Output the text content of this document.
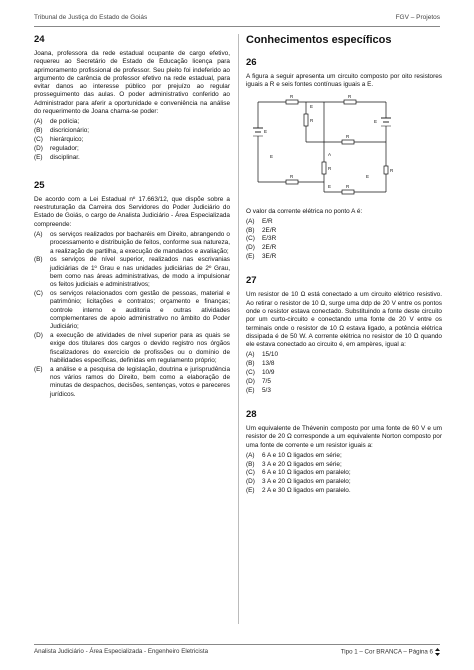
Tribunal de Justiça do Estado de Goiás	FGV – Projetos
24
Joana, professora da rede estadual ocupante de cargo efetivo, requereu ao Secretário de Estado de Educação licença para aprimoramento profissional de professor. Seu pleito foi indeferido ao argumento de carência de professor efetivo na rede estadual, para evitar danos ao interesse público por prejuízo ao regular prosseguimento das aulas. O poder administrativo conferido ao Administrador para aferir a oportunidade e conveniência na análise do requerimento de Joana chama-se poder:
(A) de polícia;
(B) discricionário;
(C) hierárquico;
(D) regulador;
(E) disciplinar.
25
De acordo com a Lei Estadual nº 17.663/12, que dispõe sobre a reestruturação da Carreira dos Servidores do Poder Judiciário do Estado de Goiás, o cargo de Analista Judiciário - Área Especializada compreende:
(A) os serviços realizados por bacharéis em Direito, abrangendo o processamento e distribuição de feitos, conforme sua natureza, a realização de partilha, a execução de mandados e avaliação;
(B) os serviços de nível superior, realizados nas escrivanias judiciárias de 1º Grau e nas unidades judiciárias de 2º Grau, bem como nas áreas administrativas, de modo a impulsionar os feitos judiciais e administrativos;
(C) os serviços relacionados com gestão de pessoas, material e patrimônio; licitações e contratos; orçamento e finanças; controle interno e auditoria e outras atividades complementares de apoio administrativo no âmbito do Poder Judiciário;
(D) a execução de atividades de nível superior para as quais se exige dos titulares dos cargos o devido registro nos órgãos fiscalizadores do exercício de profissões ou o domínio de habilidades específicas, definidas em regulamento próprio;
(E) a análise e a pesquisa de legislação, doutrina e jurisprudência nos vários ramos do Direito, bem como a elaboração de minutas de despachos, decisões, sentenças, votos e pareceres jurídicos.
Conhecimentos específicos
26
A figura a seguir apresenta um circuito composto por oito resistores iguais a R e seis fontes contínuas iguais a E.
R	R
R
R
R
R
R
R
E
E
E
E
E
E	A
O valor da corrente elétrica no ponto A é:
(A) E/R
(B) 2E/R
(C) E/3R
(D) 2E/R
(E) 3E/R
27
Um resistor de 10 Ω está conectado a um circuito elétrico resistivo. Ao retirar o resistor de 10 Ω, surge uma ddp de 20 V entre os pontos onde o resistor estava conectado. Substituindo a fonte deste circuito por um curto-circuito e conectando uma fonte de 20 V entre os terminais onde o resistor de 10 Ω estava ligado, a potência elétrica dissipada é de 50 W. A corrente elétrica no resistor de 10 Ω quando ele estava conectado ao circuito é, em ampères, igual a:
(A) 15/10
(B) 13/8
(C) 10/9
(D) 7/5
(E) 5/3
28
Um equivalente de Thévenin composto por uma fonte de 60 V e um resistor de 20 Ω corresponde a um equivalente Norton composto por uma fonte de corrente e um resistor iguais a:
(A) 6 A e 10 Ω ligados em série;
(B) 3 A e 20 Ω ligados em série;
(C) 6 A e 10 Ω ligados em paralelo;
(D) 3 A e 20 Ω ligados em paralelo;
(E) 2 A e 30 Ω ligados em paralelo.
Analista Judiciário - Área Especializada - Engenheiro Eletricista	Tipo 1 – Cor BRANCA – Página 6
